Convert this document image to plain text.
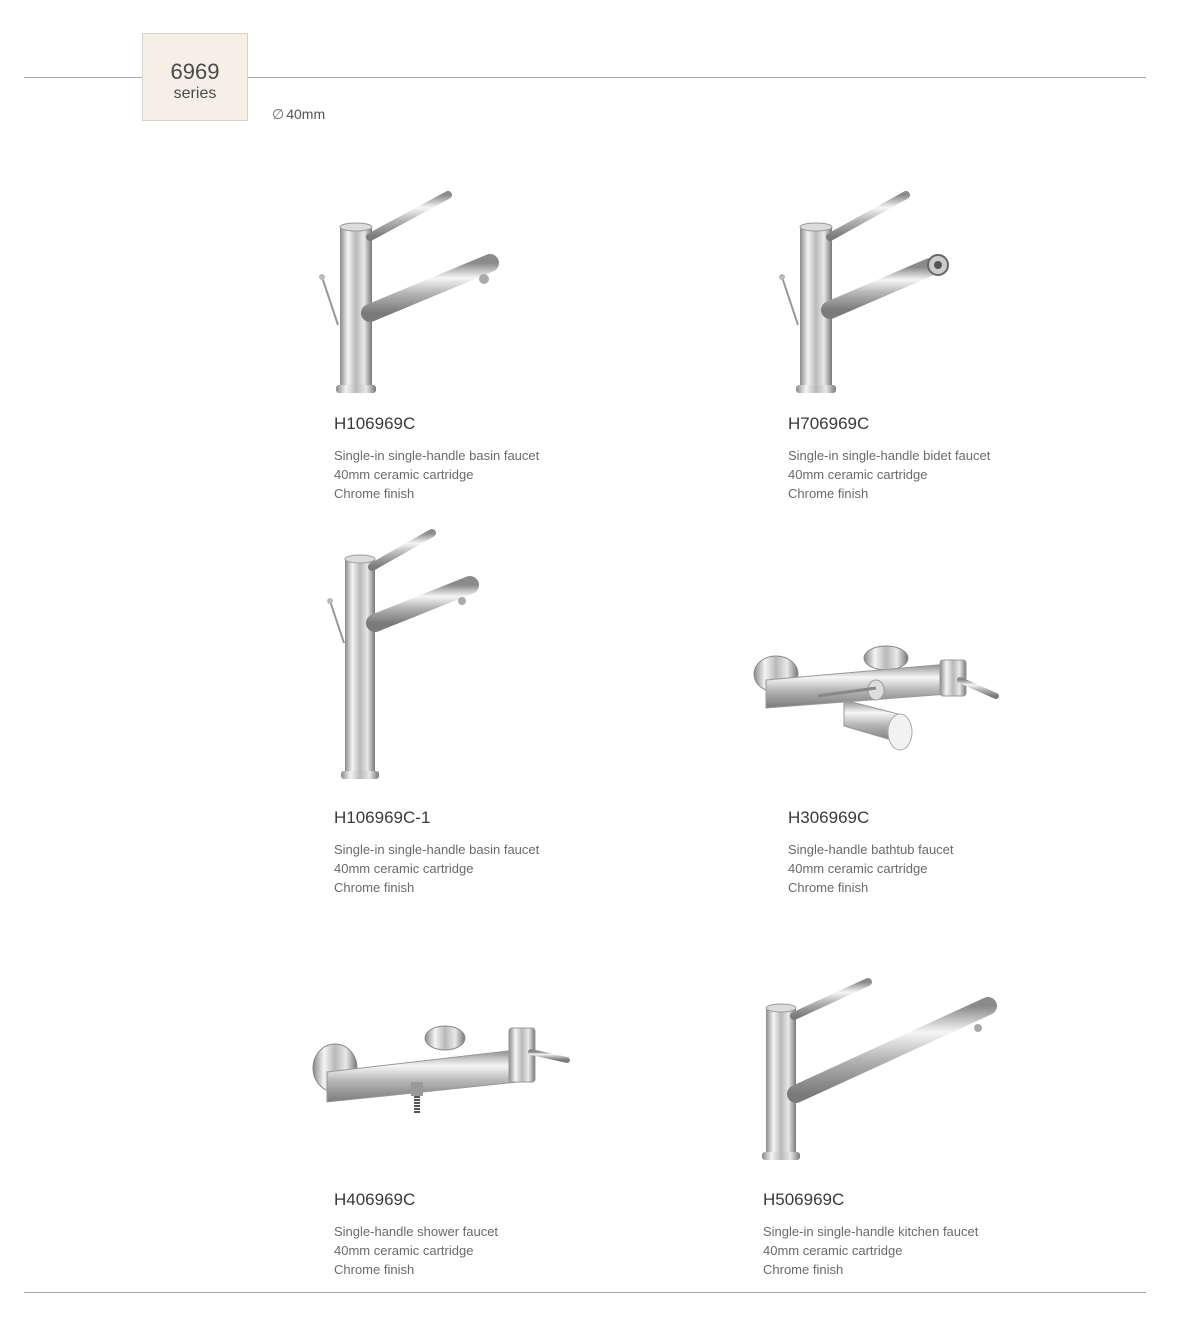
6969
series
∅ 40mm
H106969C
Single-in single-handle basin faucet
40mm ceramic cartridge
Chrome finish
H706969C
Single-in single-handle bidet faucet
40mm ceramic cartridge
Chrome finish
H106969C-1
Single-in single-handle basin faucet
40mm ceramic cartridge
Chrome finish
H306969C
Single-handle bathtub faucet
40mm ceramic cartridge
Chrome finish
H406969C
Single-handle shower faucet
40mm ceramic cartridge
Chrome finish
H506969C
Single-in single-handle kitchen faucet
40mm ceramic cartridge
Chrome finish
